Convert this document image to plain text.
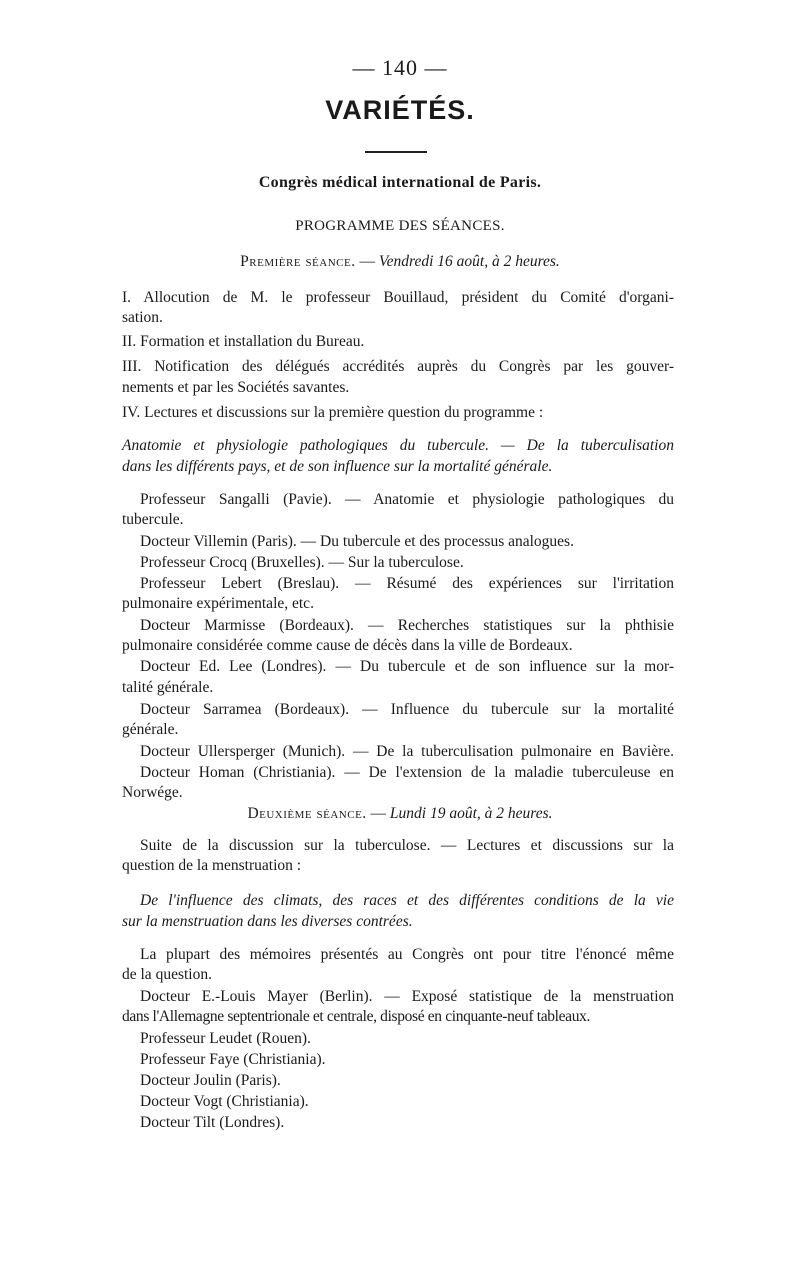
— 140 —
VARIÉTÉS.
Congrès médical international de Paris.
PROGRAMME DES SÉANCES.
Première séance. — Vendredi 16 août, à 2 heures.
I. Allocution de M. le professeur Bouillaud, président du Comité d'organi-
sation.
II. Formation et installation du Bureau.
III. Notification des délégués accrédités auprès du Congrès par les gouver-
nements et par les Sociétés savantes.
IV. Lectures et discussions sur la première question du programme :
Anatomie et physiologie pathologiques du tubercule. — De la tuberculisation
dans les différents pays, et de son influence sur la mortalité générale.
Professeur Sangalli (Pavie). — Anatomie et physiologie pathologiques du
tubercule.
Docteur Villemin (Paris). — Du tubercule et des processus analogues.
Professeur Crocq (Bruxelles). — Sur la tuberculose.
Professeur Lebert (Breslau). — Résumé des expériences sur l'irritation
pulmonaire expérimentale, etc.
Docteur Marmisse (Bordeaux). — Recherches statistiques sur la phthisie
pulmonaire considérée comme cause de décès dans la ville de Bordeaux.
Docteur Ed. Lee (Londres). — Du tubercule et de son influence sur la mor-
talité générale.
Docteur Sarramea (Bordeaux). — Influence du tubercule sur la mortalité
générale.
Docteur Ullersperger (Munich). — De la tuberculisation pulmonaire en Bavière.
Docteur Homan (Christiania). — De l'extension de la maladie tuberculeuse en
Norwége.
Deuxième séance. — Lundi 19 août, à 2 heures.
Suite de la discussion sur la tuberculose. — Lectures et discussions sur la
question de la menstruation :
De l'influence des climats, des races et des différentes conditions de la vie
sur la menstruation dans les diverses contrées.
La plupart des mémoires présentés au Congrès ont pour titre l'énoncé même
de la question.
Docteur E.-Louis Mayer (Berlin). — Exposé statistique de la menstruation
dans l'Allemagne septentrionale et centrale, disposé en cinquante-neuf tableaux.
Professeur Leudet (Rouen).
Professeur Faye (Christiania).
Docteur Joulin (Paris).
Docteur Vogt (Christiania).
Docteur Tilt (Londres).
